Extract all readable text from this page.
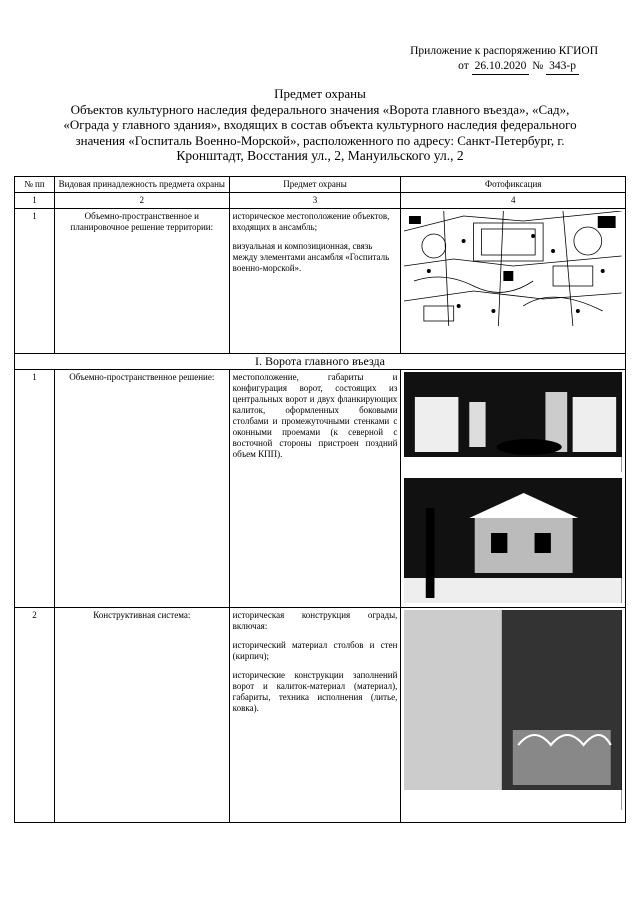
Приложение к распоряжению КГИОП
от 26.10.2020 № 343-р
Предмет охраны
Объектов культурного наследия федерального значения «Ворота главного въезда», «Сад»,
«Ограда у главного здания», входящих в состав объекта культурного наследия федерального
значения «Госпиталь Военно-Морской», расположенного по адресу: Санкт-Петербург, г.
Кронштадт, Восстания ул., 2, Мануильского ул., 2
№ пп	Видовая принадлежность предмета охраны	Предмет охраны	Фотофиксация
1	2	3	4
1	Объемно-пространственное и планировочное решение территории:	историческое местоположение объектов, входящих в ансамбль;

визуальная и композиционная, связь между элементами ансамбля «Госпиталь военно-морской».

I. Ворота главного въезда			
1	Объемно-пространственное решение:	местоположение, габариты и конфигурация ворот, состоящих из центральных ворот и двух фланкирующих калиток, оформленных боковыми столбами и промежуточными стенками с оконными проемами (к северной с восточной стороны пристроен поздний объем КПП).	

2	Конструктивная система:	историческая конструкция ограды, включая:

исторический материал столбов и стен (кирпич);

исторические конструкции заполнений ворот и калиток-материал (материал), габариты, техника исполнения (литье, ковка).
